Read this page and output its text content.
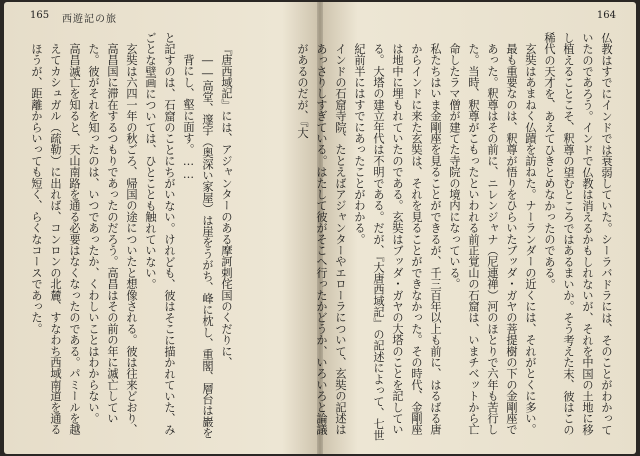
165 西遊記の旅

『唐西域記』には、アジャンターのある摩訶剌侘国のくだりに、

――高堂、邃宇（奥深い家屋）は崖をうがち、峰に枕し、重閣、層台は巖を背にし、壑に面す。……

と記すのは、石窟のことにちがいない。けれども、彼はそこに描かれていた、みごとな壁画については、ひとことも触れていない。

玄奘は六四一年の秋ごろ、帰国の途についたと想像される。彼は往来どおり、高昌国に滞在するつもりであったのだろう。高昌はその前の年に滅亡していた。彼がそれを知ったのは、いつであったか、くわしいことはわからない。

高昌滅亡を知ると、天山南路を通る必要はなくなったのである。パミールを越えてカシュガル（疏勒）に出れば、コンロンの北麓、すなわち西域南道を通るほうが、距離からいっても短く、らくなコースであった。

164

仏教はすでにインドでは衰弱していた。シーラバドラには、そのことがわかっていたのであろう。インドで仏教は消えるかもしれないが、それを中国の土地に移し植えることこそ、釈尊の望むところではあるまいか。そう考えた末、彼はこの稀代の天才を、あえてひきとめなかったのである。

玄奘はあまねく仏蹟を訪ねた。ナーランダーの近くには、それがとくに多い。最も重要なのは、釈尊が悟りをひらいたブッダ・ガヤの菩提樹の下の金剛座であった。釈尊はその前に、ニレンジャナ（尼連禅）河のほとりで六年も苦行した。当時、釈尊がこもったといわれる前正覚山の石窟は、いまチベットから亡命したラマ僧が建てた寺院の境内になっている。

私たちはいま金剛座を見ることができるが、千三百年以上も前に、はるばる唐からインドに来た玄奘は、それを見ることができなかった。その時代、金剛座は地中に埋もれていたのである。玄奘はブッダ・ガヤの大塔のことを記している。大塔の建立年代は不明である。だが、『大唐西域記』の記述によって、七世紀前半にはすでにあったことがわかる。

インドの石窟寺院、たとえばアジャンターやエローラについて、玄奘の記述はあっさりしすぎている。はたして彼がそこへ行ったかどうか、いろいろと論議があるのだが、『大
